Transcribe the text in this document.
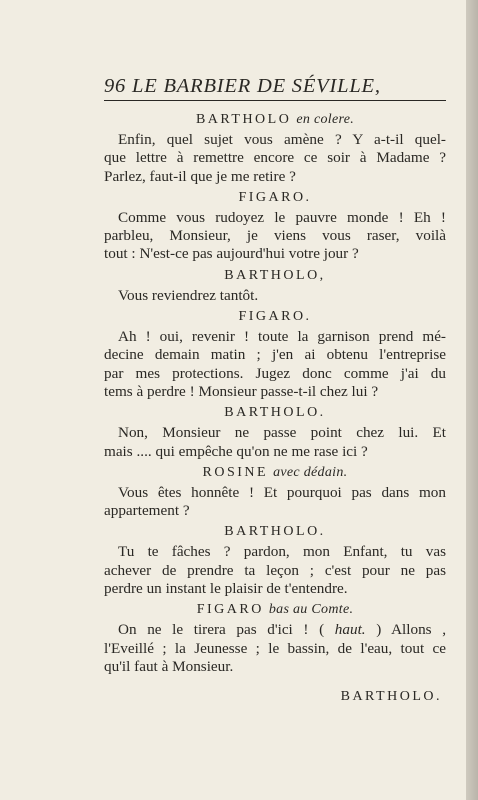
96 LE BARBIER DE SÉVILLE,
BARTHOLO en colere.
Enfin, quel sujet vous amène ? Y a-t-il quel-
que lettre à remettre encore ce soir à Madame ?
Parlez, faut-il que je me retire ?
FIGARO.
Comme vous rudoyez le pauvre monde ! Eh !
parbleu, Monsieur, je viens vous raser, voilà
tout : N'est-ce pas aujourd'hui votre jour ?
BARTHOLO,
Vous reviendrez tantôt.
FIGARO.
Ah ! oui, revenir ! toute la garnison prend mé-
decine demain matin ; j'en ai obtenu l'entreprise
par mes protections. Jugez donc comme j'ai du
tems à perdre ! Monsieur passe-t-il chez lui ?
BARTHOLO.
Non, Monsieur ne passe point chez lui. Et
mais .... qui empêche qu'on ne me rase ici ?
ROSINE avec dédain.
Vous êtes honnête ! Et pourquoi pas dans mon
appartement ?
BARTHOLO.
Tu te fâches ? pardon, mon Enfant, tu vas
achever de prendre ta leçon ; c'est pour ne pas
perdre un instant le plaisir de t'entendre.
FIGARO bas au Comte.
On ne le tirera pas d'ici ! ( haut. ) Allons ,
l'Eveillé ; la Jeunesse ; le bassin, de l'eau, tout ce
qu'il faut à Monsieur.
BARTHOLO.
